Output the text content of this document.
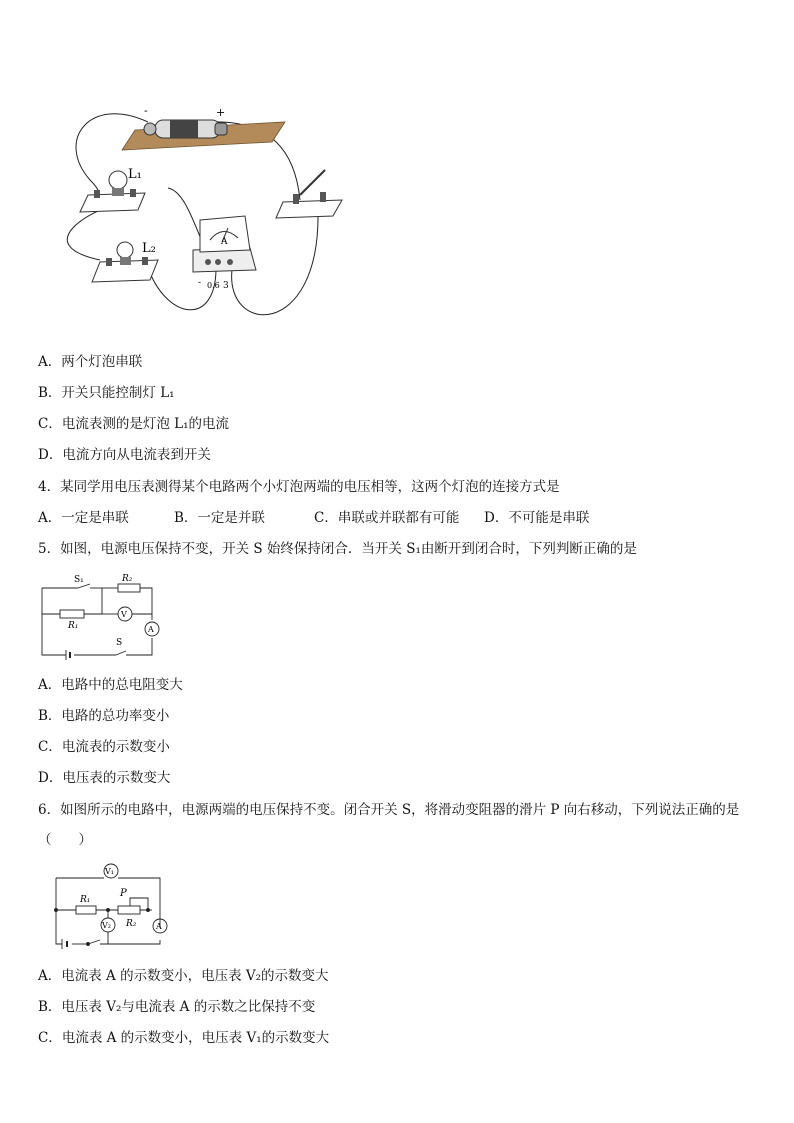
-	+
L₁
L₂	A
- 0.6 3
A．两个灯泡串联
B．开关只能控制灯 L₁
C．电流表测的是灯泡 L₁的电流
D．电流方向从电流表到开关
4．某同学用电压表测得某个电路两个小灯泡两端的电压相等，这两个灯泡的连接方式是
A．一定是串联	B．一定是并联	C．串联或并联都有可能 D．不可能是串联
5．如图，电源电压保持不变，开关 S 始终保持闭合．当开关 S₁由断开到闭合时，下列判断正确的是
S₁	R₂
R₁
V
A
S
A．电路中的总电阻变大
B．电路的总功率变小
C．电流表的示数变小
D．电压表的示数变大
6．如图所示的电路中，电源两端的电压保持不变。闭合开关 S，将滑动变阻器的滑片 P 向右移动，下列说法正确的是
（　　）
V₁
R₁
P
R₂
V₂	A
A．电流表 A 的示数变小，电压表 V₂的示数变大
B．电压表 V₂与电流表 A 的示数之比保持不变
C．电流表 A 的示数变小，电压表 V₁的示数变大
